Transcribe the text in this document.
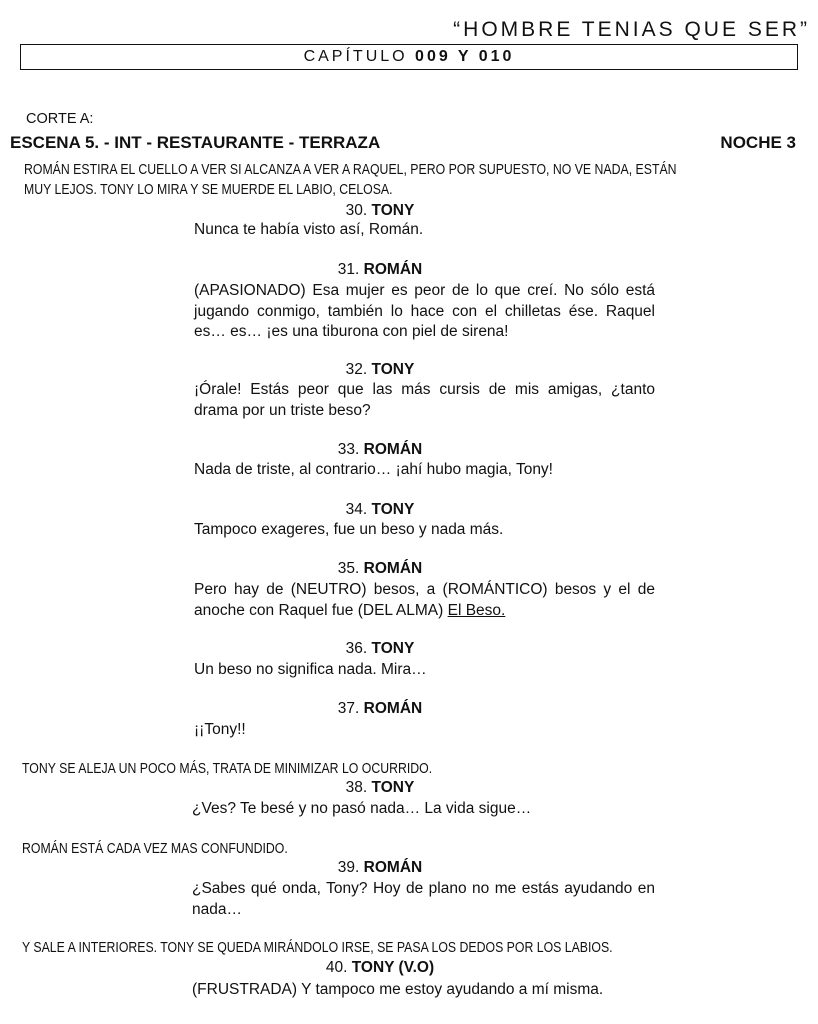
“HOMBRE TENIAS QUE SER”
CAPÍTULO 009 Y 010
CORTE A:
ESCENA 5. - INT - RESTAURANTE - TERRAZA	NOCHE 3
ROMÁN ESTIRA EL CUELLO A VER SI ALCANZA A VER A RAQUEL, PERO POR SUPUESTO, NO VE NADA, ESTÁN
MUY LEJOS. TONY LO MIRA Y SE MUERDE EL LABIO, CELOSA.
30. TONY
Nunca te había visto así, Román.
31. ROMÁN
(APASIONADO) Esa mujer es peor de lo que creí. No sólo está jugando conmigo, también lo hace con el chilletas ése. Raquel es… es… ¡es una tiburona con piel de sirena!
32. TONY
¡Órale! Estás peor que las más cursis de mis amigas, ¿tanto drama por un triste beso?
33. ROMÁN
Nada de triste, al contrario… ¡ahí hubo magia, Tony!
34. TONY
Tampoco exageres, fue un beso y nada más.
35. ROMÁN
Pero hay de (NEUTRO) besos, a (ROMÁNTICO) besos y el de anoche con Raquel fue (DEL ALMA) El Beso.
36. TONY
Un beso no significa nada. Mira…
37. ROMÁN
¡¡Tony!!
TONY SE ALEJA UN POCO MÁS, TRATA DE MINIMIZAR LO OCURRIDO.
38. TONY
¿Ves? Te besé y no pasó nada… La vida sigue…
ROMÁN ESTÁ CADA VEZ MAS CONFUNDIDO.
39. ROMÁN
¿Sabes qué onda, Tony? Hoy de plano no me estás ayudando en nada…
Y SALE A INTERIORES. TONY SE QUEDA MIRÁNDOLO IRSE, SE PASA LOS DEDOS POR LOS LABIOS.
40. TONY (V.O)
(FRUSTRADA) Y tampoco me estoy ayudando a mí misma.
